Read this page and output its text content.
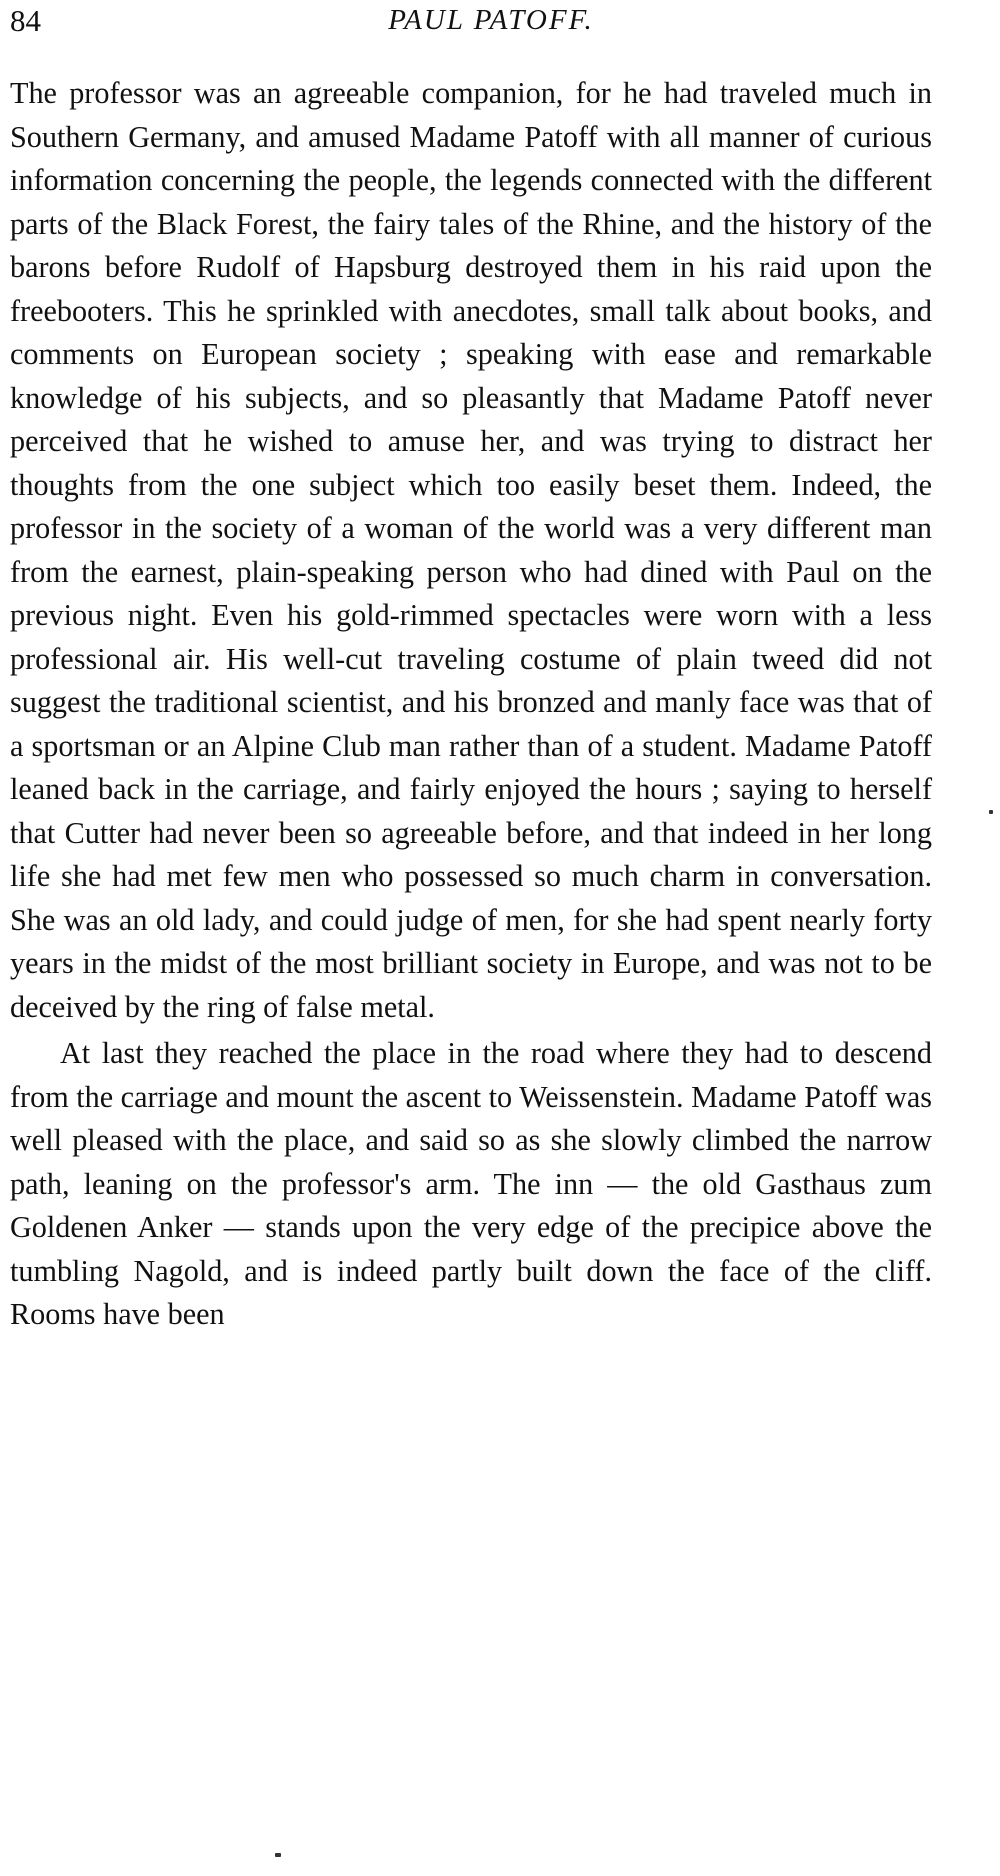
84	PAUL PATOFF.

The professor was an agreeable companion, for he had traveled much in Southern Germany, and amused Madame Patoff with all manner of curious information concerning the people, the legends connected with the different parts of the Black Forest, the fairy tales of the Rhine, and the history of the barons before Rudolf of Hapsburg destroyed them in his raid upon the freebooters. This he sprinkled with anecdotes, small talk about books, and comments on European society ; speaking with ease and remarkable knowledge of his subjects, and so pleasantly that Madame Patoff never perceived that he wished to amuse her, and was trying to distract her thoughts from the one subject which too easily beset them. Indeed, the professor in the society of a woman of the world was a very different man from the earnest, plain-speaking person who had dined with Paul on the previous night. Even his gold-rimmed spectacles were worn with a less professional air. His well-cut traveling costume of plain tweed did not suggest the traditional scientist, and his bronzed and manly face was that of a sportsman or an Alpine Club man rather than of a student. Madame Patoff leaned back in the carriage, and fairly enjoyed the hours ; saying to herself that Cutter had never been so agreeable before, and that indeed in her long life she had met few men who possessed so much charm in conversation. She was an old lady, and could judge of men, for she had spent nearly forty years in the midst of the most brilliant society in Europe, and was not to be deceived by the ring of false metal.

At last they reached the place in the road where they had to descend from the carriage and mount the ascent to Weissenstein. Madame Patoff was well pleased with the place, and said so as she slowly climbed the narrow path, leaning on the professor's arm. The inn — the old Gasthaus zum Goldenen Anker — stands upon the very edge of the precipice above the tumbling Nagold, and is indeed partly built down the face of the cliff. Rooms have been
